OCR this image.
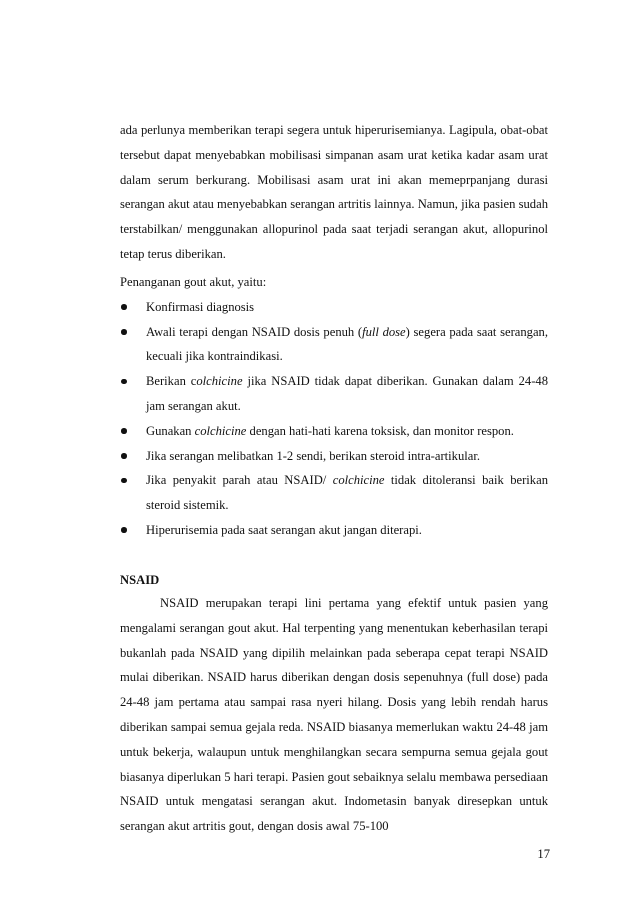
ada perlunya memberikan terapi segera untuk hiperurisemianya. Lagipula, obat-obat tersebut dapat menyebabkan mobilisasi simpanan asam urat ketika kadar asam urat dalam serum berkurang. Mobilisasi asam urat ini akan memeprpanjang durasi serangan akut atau menyebabkan serangan artritis lainnya. Namun, jika pasien sudah terstabilkan/ menggunakan allopurinol pada saat terjadi serangan akut, allopurinol tetap terus diberikan.

Penanganan gout akut, yaitu:

Konfirmasi diagnosis
Awali terapi dengan NSAID dosis penuh (full dose) segera pada saat serangan, kecuali jika kontraindikasi.
Berikan colchicine jika NSAID tidak dapat diberikan. Gunakan dalam 24-48 jam serangan akut.
Gunakan colchicine dengan hati-hati karena toksisk, dan monitor respon.
Jika serangan melibatkan 1-2 sendi, berikan steroid intra-artikular.
Jika penyakit parah atau NSAID/ colchicine tidak ditoleransi baik berikan steroid sistemik.
Hiperurisemia pada saat serangan akut jangan diterapi.
NSAID

NSAID merupakan terapi lini pertama yang efektif untuk pasien yang mengalami serangan gout akut. Hal terpenting yang menentukan keberhasilan terapi bukanlah pada NSAID yang dipilih melainkan pada seberapa cepat terapi NSAID mulai diberikan. NSAID harus diberikan dengan dosis sepenuhnya (full dose) pada 24-48 jam pertama atau sampai rasa nyeri hilang. Dosis yang lebih rendah harus diberikan sampai semua gejala reda. NSAID biasanya memerlukan waktu 24-48 jam untuk bekerja, walaupun untuk menghilangkan secara sempurna semua gejala gout biasanya diperlukan 5 hari terapi. Pasien gout sebaiknya selalu membawa persediaan NSAID untuk mengatasi serangan akut. Indometasin banyak diresepkan untuk serangan akut artritis gout, dengan dosis awal 75-100

17
